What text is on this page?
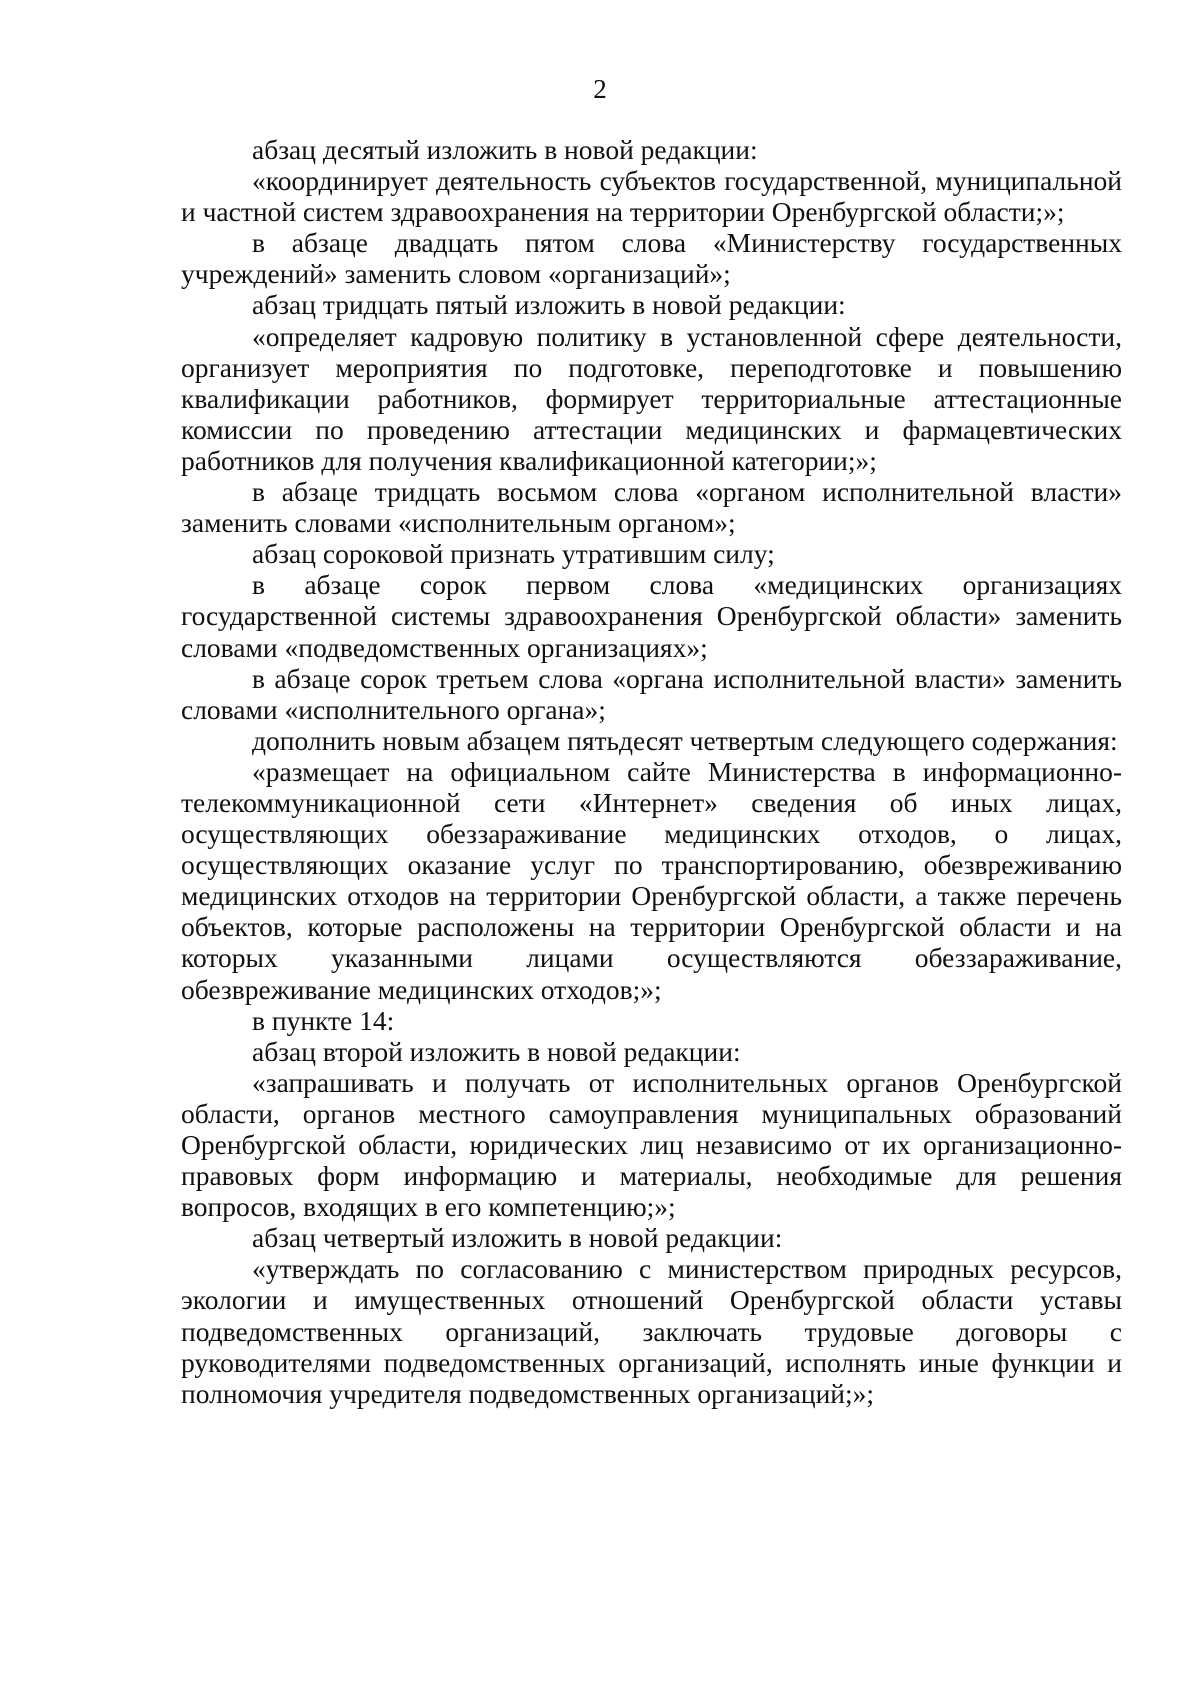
2

абзац десятый изложить в новой редакции:

«координирует деятельность субъектов государственной, муниципальной и частной систем здравоохранения на территории Оренбургской области;»;

в абзаце двадцать пятом слова «Министерству государственных учреждений» заменить словом «организаций»;

абзац тридцать пятый изложить в новой редакции:

«определяет кадровую политику в установленной сфере деятельности, организует мероприятия по подготовке, переподготовке и повышению квалификации работников, формирует территориальные аттестационные комиссии по проведению аттестации медицинских и фармацевтических работников для получения квалификационной категории;»;

в абзаце тридцать восьмом слова «органом исполнительной власти» заменить словами «исполнительным органом»;

абзац сороковой признать утратившим силу;

в абзаце сорок первом слова «медицинских организациях государственной системы здравоохранения Оренбургской области» заменить словами «подведомственных организациях»;

в абзаце сорок третьем слова «органа исполнительной власти» заменить словами «исполнительного органа»;

дополнить новым абзацем пятьдесят четвертым следующего содержания:

«размещает на официальном сайте Министерства в информационно-телекоммуникационной сети «Интернет» сведения об иных лицах, осуществляющих обеззараживание медицинских отходов, о лицах, осуществляющих оказание услуг по транспортированию, обезвреживанию медицинских отходов на территории Оренбургской области, а также перечень объектов, которые расположены на территории Оренбургской области и на которых указанными лицами осуществляются обеззараживание, обезвреживание медицинских отходов;»;

в пункте 14:

абзац второй изложить в новой редакции:

«запрашивать и получать от исполнительных органов Оренбургской области, органов местного самоуправления муниципальных образований Оренбургской области, юридических лиц независимо от их организационно-правовых форм информацию и материалы, необходимые для решения вопросов, входящих в его компетенцию;»;

абзац четвертый изложить в новой редакции:

«утверждать по согласованию с министерством природных ресурсов, экологии и имущественных отношений Оренбургской области уставы подведомственных организаций, заключать трудовые договоры с руководителями подведомственных организаций, исполнять иные функции и полномочия учредителя подведомственных организаций;»;
